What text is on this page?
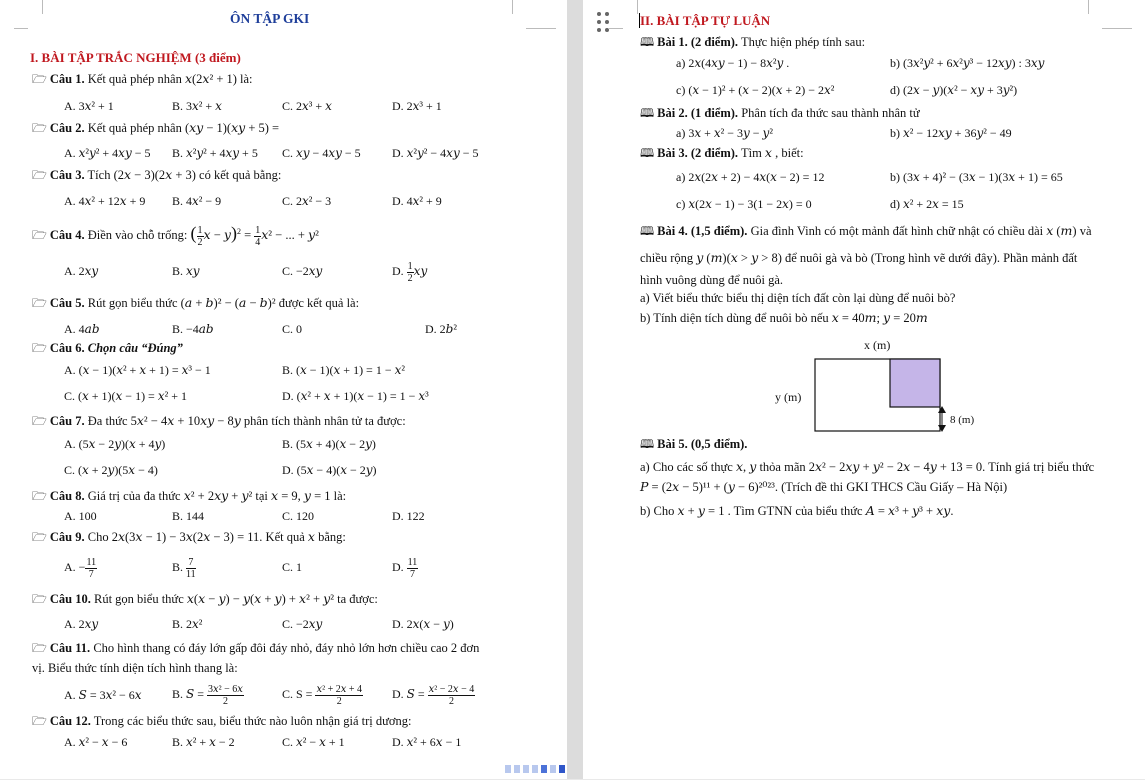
ÔN TẬP GKI
I. BÀI TẬP TRẮC NGHIỆM (3 điểm)
🗁 Câu 1. Kết quả phép nhân 𝑥(2𝑥² + 1) là:
A. 3𝑥² + 1	B. 3𝑥² + 𝑥	C. 2𝑥³ + 𝑥	D. 2𝑥³ + 1
🗁 Câu 2. Kết quả phép nhân (𝑥𝑦 − 1)(𝑥𝑦 + 5) =
A. 𝑥²𝑦² + 4𝑥𝑦 − 5 B. 𝑥²𝑦² + 4𝑥𝑦 + 5 C. 𝑥𝑦 − 4𝑥𝑦 − 5	D. 𝑥²𝑦² − 4𝑥𝑦 − 5
🗁 Câu 3. Tích (2𝑥 − 3)(2𝑥 + 3) có kết quả bằng:
A. 4𝑥² + 12𝑥 + 9 B. 4𝑥² − 9	C. 2𝑥² − 3	D. 4𝑥² + 9
🗁 Câu 4. Điền vào chỗ trống: ( $\frac{1}{2}$ 𝑥 − 𝑦)$^2$ = $\frac{1}{4}$ 𝑥² − ... + 𝑦²
A. 2𝑥𝑦	B. 𝑥𝑦	C. −2𝑥𝑦	D. $\frac{1}{2}$ 𝑥𝑦
🗁 Câu 5. Rút gọn biểu thức (𝑎 + 𝑏)² − (𝑎 − 𝑏)² được kết quả là:
A. 4𝑎𝑏	B. −4𝑎𝑏	C. 0	D. 2𝑏²
🗁 Câu 6. Chọn câu “Đúng”
A. (𝑥 − 1)(𝑥² + 𝑥 + 1) = 𝑥³ − 1	B. (𝑥 − 1)(𝑥 + 1) = 1 − 𝑥²
C. (𝑥 + 1)(𝑥 − 1) = 𝑥² + 1	D. (𝑥² + 𝑥 + 1)(𝑥 − 1) = 1 − 𝑥³
🗁 Câu 7. Đa thức 5𝑥² − 4𝑥 + 10𝑥𝑦 − 8𝑦 phân tích thành nhân tử ta được:
A. (5𝑥 − 2𝑦)(𝑥 + 4𝑦)	B. (5𝑥 + 4)(𝑥 − 2𝑦)
C. (𝑥 + 2𝑦)(5𝑥 − 4)	D. (5𝑥 − 4)(𝑥 − 2𝑦)
🗁 Câu 8. Giá trị của đa thức 𝑥² + 2𝑥𝑦 + 𝑦² tại 𝑥 = 9, 𝑦 = 1 là:
A. 100	B. 144	C. 120	D. 122
🗁 Câu 9. Cho 2𝑥(3𝑥 − 1) − 3𝑥(2𝑥 − 3) = 11. Kết quả 𝑥 bằng:
A. − $\frac{11}{7}$	B. $\frac{7}{11}$	C. 1	D. $\frac{11}{7}$
🗁 Câu 10. Rút gọn biểu thức 𝑥(𝑥 − 𝑦) − 𝑦(𝑥 + 𝑦) + 𝑥² + 𝑦² ta được:
A. 2𝑥𝑦	B. 2𝑥²	C. −2𝑥𝑦	D. 2𝑥(𝑥 − 𝑦)
🗁 Câu 11. Cho hình thang có đáy lớn gấp đôi đáy nhỏ, đáy nhỏ lớn hơn chiều cao 2 đơn
vị. Biểu thức tính diện tích hình thang là:
A. 𝑆 = 3𝑥² − 6𝑥	B. 𝑆 = $\frac{\text{3𝑥² − 6𝑥}}{2}$	C. $S = \frac{\text{𝑥² + 2𝑥 + 4}}{2} D$. 𝑆 = $\frac{\text{𝑥² − 2𝑥 − 4}}{2}$
🗁 Câu 12. Trong các biểu thức sau, biểu thức nào luôn nhận giá trị dương:
A. 𝑥² − 𝑥 − 6	B. 𝑥² + 𝑥 − 2	C. 𝑥² − 𝑥 + 1	D. 𝑥² + 6𝑥 − 1
II. BÀI TẬP TỰ LUẬN
🕮 Bài 1. (2 điểm). Thực hiện phép tính sau:
a) 2𝑥(4𝑥𝑦 − 1) − 8𝑥²𝑦 .	b) (3𝑥²𝑦² + 6𝑥²𝑦³ − 12𝑥𝑦) : 3𝑥𝑦
c) (𝑥 − 1)² + (𝑥 − 2)(𝑥 + 2) − 2𝑥²	d) (2𝑥 − 𝑦)(𝑥² − 𝑥𝑦 + 3𝑦²)
🕮 Bài 2. (1 điểm). Phân tích đa thức sau thành nhân tử
a) 3𝑥 + 𝑥² − 3𝑦 − 𝑦²	b) 𝑥² − 12𝑥𝑦 + 36𝑦² − 49
🕮 Bài 3. (2 điểm). Tìm 𝑥 , biết:
a) 2𝑥(2𝑥 + 2) − 4𝑥(𝑥 − 2) = 12	b) (3𝑥 + 4)² − (3𝑥 − 1)(3𝑥 + 1) = 65
c) 𝑥(2𝑥 − 1) − 3(1 − 2𝑥) = 0	d) 𝑥² + 2𝑥 = 15
🕮 Bài 4. (1,5 điểm). Gia đình Vinh có một mảnh đất hình chữ nhật có chiều dài 𝑥 (𝑚) và
chiều rộng 𝑦 (𝑚)(𝑥 > 𝑦 > 8) để nuôi gà và bò (Trong hình vẽ dưới đây). Phần mảnh đất
hình vuông dùng để nuôi gà.
a) Viết biểu thức biểu thị diện tích đất còn lại dùng để nuôi bò?
b) Tính diện tích dùng để nuôi bò nếu 𝑥 = 40𝑚; 𝑦 = 20𝑚
x (m)
y (m)
8 (m)
🕮 Bài 5. (0,5 điểm).
a) Cho các số thực 𝑥, 𝑦 thỏa mãn 2𝑥² − 2𝑥𝑦 + 𝑦² − 2𝑥 − 4𝑦 + 13 = 0. Tính giá trị biểu thức
𝑃 = (2𝑥 − 5)¹¹ + (𝑦 − 6)²⁰²³. (Trích đề thi GKI THCS Cầu Giấy – Hà Nội)
b) Cho 𝑥 + 𝑦 = 1 . Tìm GTNN của biểu thức 𝐴 = 𝑥³ + 𝑦³ + 𝑥𝑦.
